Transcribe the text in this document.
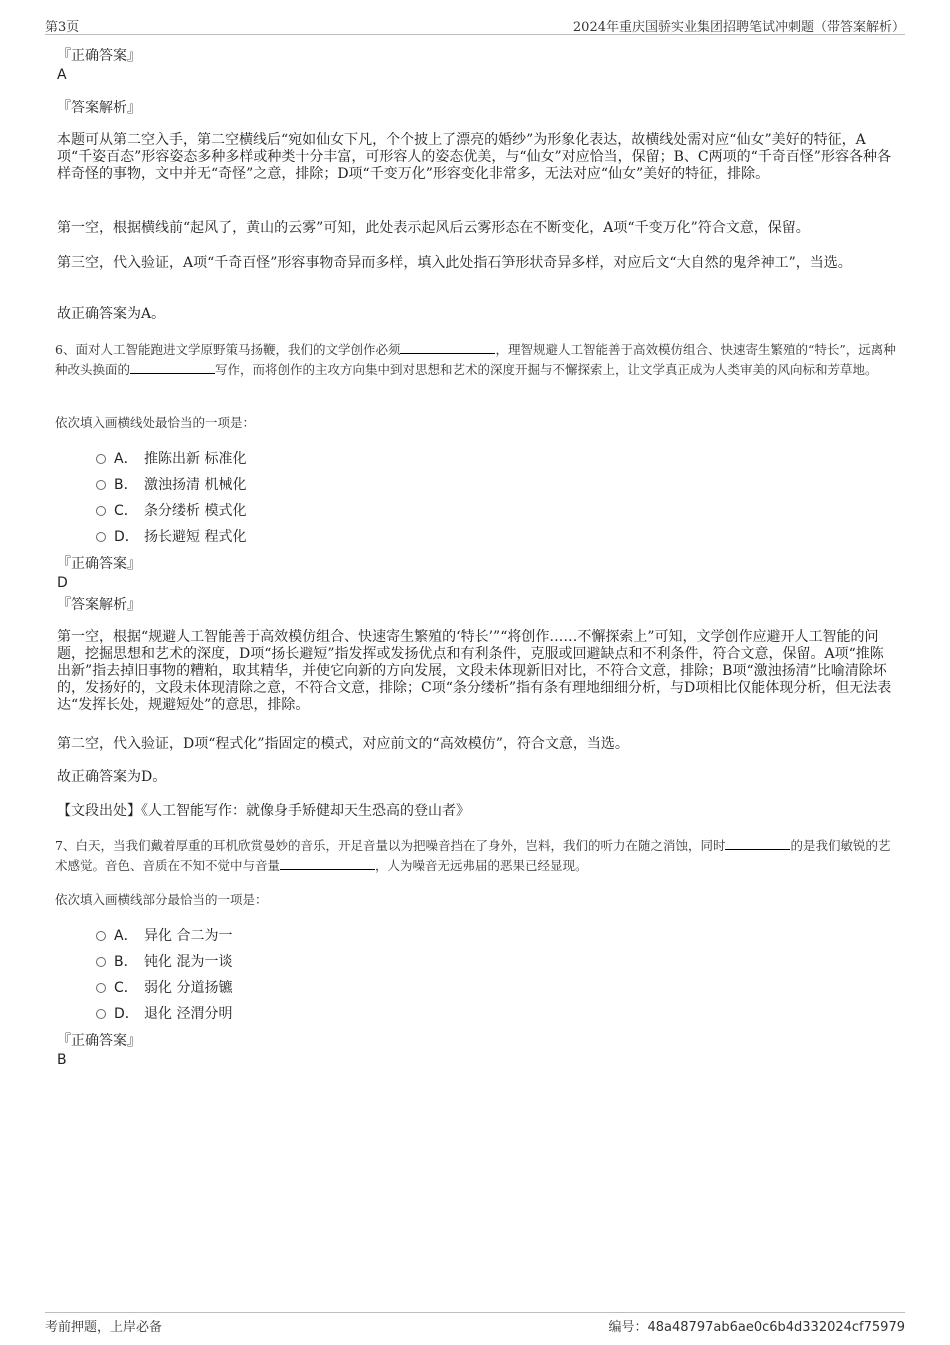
第3页	2024年重庆国骄实业集团招聘笔试冲刺题（带答案解析）
『正确答案』
A
『答案解析』
本题可从第二空入手，第二空横线后“宛如仙女下凡，个个披上了漂亮的婚纱”为形象化表达，故横线处需对应“仙女”美好的特征，A项“千姿百态”形容姿态多种多样或种类十分丰富，可形容人的姿态优美，与“仙女”对应恰当，保留；B、C两项的“千奇百怪”形容各种各样奇怪的事物，文中并无“奇怪”之意，排除；D项“千变万化”形容变化非常多，无法对应“仙女”美好的特征，排除。
第一空，根据横线前“起风了，黄山的云雾”可知，此处表示起风后云雾形态在不断变化，A项“千变万化”符合文意，保留。
第三空，代入验证，A项“千奇百怪”形容事物奇异而多样，填入此处指石笋形状奇异多样，对应后文“大自然的鬼斧神工”，当选。
故正确答案为A。
6、面对人工智能跑进文学原野策马扬鞭，我们的文学创作必须	，理智规避人工智能善于高效模仿组合、快速寄生繁殖的“特长”，远离种种改头换面的	写作，而将创作的主攻方向集中到对思想和艺术的深度开掘与不懈探索上，让文学真正成为人类审美的风向标和芳草地。
依次填入画横线处最恰当的一项是：
A． 推陈出新 标准化
B． 激浊扬清 机械化
C． 条分缕析 模式化
D． 扬长避短 程式化
『正确答案』
D
『答案解析』
第一空，根据“规避人工智能善于高效模仿组合、快速寄生繁殖的‘特长’”“将创作……不懈探索上”可知，文学创作应避开人工智能的问题，挖掘思想和艺术的深度，D项“扬长避短”指发挥或发扬优点和有利条件，克服或回避缺点和不利条件，符合文意，保留。A项“推陈出新”指去掉旧事物的糟粕，取其精华，并使它向新的方向发展，文段未体现新旧对比，不符合文意，排除；B项“激浊扬清”比喻清除坏的，发扬好的，文段未体现清除之意，不符合文意，排除；C项“条分缕析”指有条有理地细细分析，与D项相比仅能体现分析，但无法表达“发挥长处，规避短处”的意思，排除。
第二空，代入验证，D项“程式化”指固定的模式，对应前文的“高效模仿”，符合文意，当选。
故正确答案为D。
【文段出处】《人工智能写作：就像身手矫健却天生恐高的登山者》
7、白天，当我们戴着厚重的耳机欣赏曼妙的音乐，开足音量以为把噪音挡在了身外，岂料，我们的听力在随之消蚀，同时	的是我们敏锐的艺术感觉。音色、音质在不知不觉中与音量	，人为噪音无远弗届的恶果已经显现。
依次填入画横线部分最恰当的一项是：
A． 异化 合二为一
B． 钝化 混为一谈
C． 弱化 分道扬镳
D． 退化 泾渭分明
『正确答案』
B
考前押题，上岸必备	编号：48a48797ab6ae0c6b4d332024cf75979
